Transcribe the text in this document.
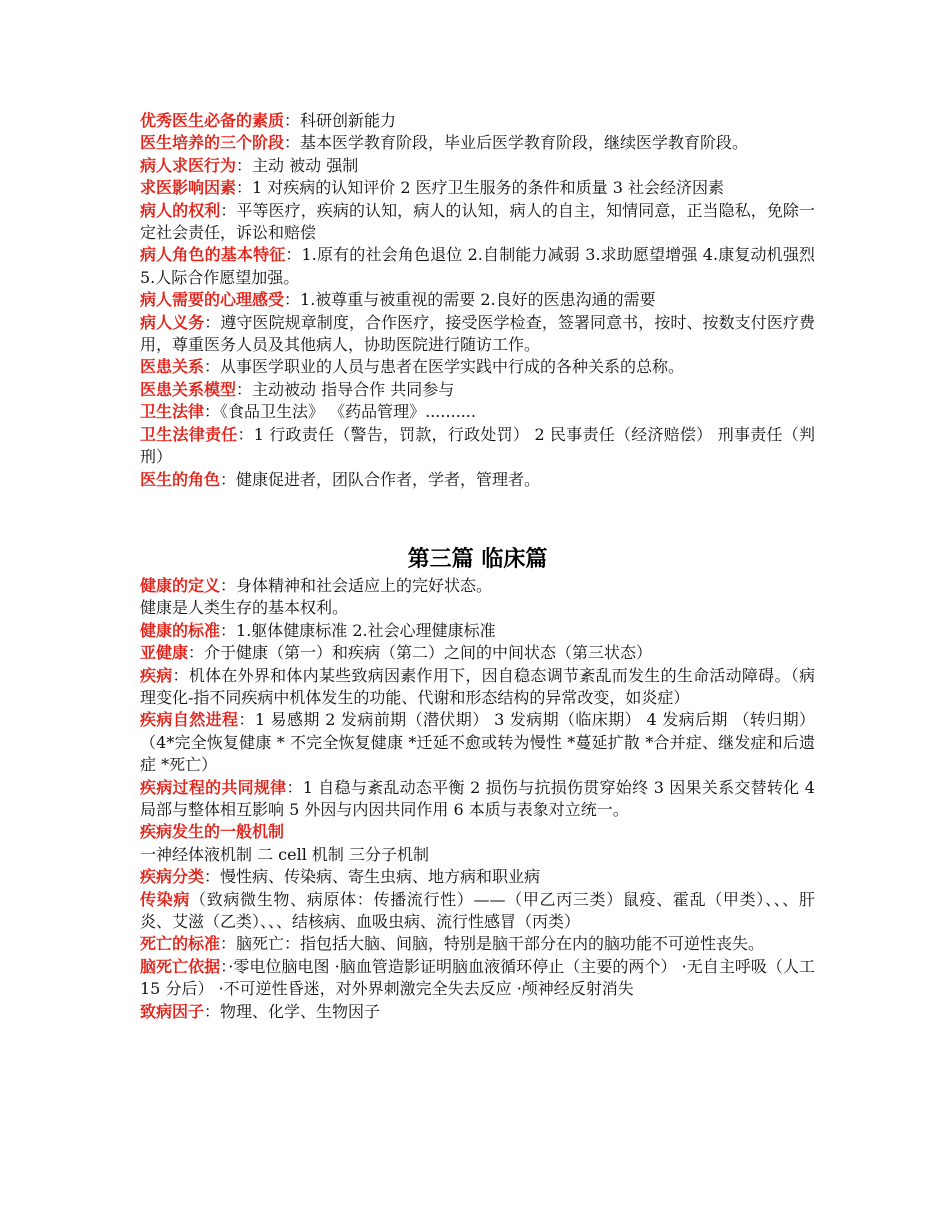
优秀医生必备的素质：科研创新能力

医生培养的三个阶段：基本医学教育阶段，毕业后医学教育阶段，继续医学教育阶段。

病人求医行为：主动 被动 强制

求医影响因素：1 对疾病的认知评价 2 医疗卫生服务的条件和质量 3 社会经济因素

病人的权利：平等医疗，疾病的认知，病人的认知，病人的自主，知情同意，正当隐私，免除一定社会责任，诉讼和赔偿

病人角色的基本特征：1.原有的社会角色退位 2.自制能力减弱 3.求助愿望增强 4.康复动机强烈 5.人际合作愿望加强。

病人需要的心理感受：1.被尊重与被重视的需要 2.良好的医患沟通的需要

病人义务：遵守医院规章制度，合作医疗，接受医学检查，签署同意书，按时、按数支付医疗费用，尊重医务人员及其他病人，协助医院进行随访工作。

医患关系：从事医学职业的人员与患者在医学实践中行成的各种关系的总称。

医患关系模型：主动被动 指导合作 共同参与

卫生法律：《食品卫生法》 《药品管理》..........

卫生法律责任：1 行政责任（警告，罚款，行政处罚） 2 民事责任（经济赔偿） 刑事责任（判刑）

医生的角色：健康促进者，团队合作者，学者，管理者。

第三篇 临床篇

健康的定义：身体精神和社会适应上的完好状态。

健康是人类生存的基本权利。

健康的标准：1.躯体健康标准 2.社会心理健康标准

亚健康：介于健康（第一）和疾病（第二）之间的中间状态（第三状态）

疾病：机体在外界和体内某些致病因素作用下，因自稳态调节紊乱而发生的生命活动障碍。（病理变化-指不同疾病中机体发生的功能、代谢和形态结构的异常改变，如炎症）

疾病自然进程：1 易感期 2 发病前期（潜伏期） 3 发病期（临床期） 4 发病后期 （转归期）（4*完全恢复健康 * 不完全恢复健康 *迁延不愈或转为慢性 *蔓延扩散 *合并症、继发症和后遗症 *死亡）

疾病过程的共同规律：1 自稳与紊乱动态平衡 2 损伤与抗损伤贯穿始终 3 因果关系交替转化 4 局部与整体相互影响 5 外因与内因共同作用 6 本质与表象对立统一。

疾病发生的一般机制

一神经体液机制 二 cell 机制 三分子机制

疾病分类：慢性病、传染病、寄生虫病、地方病和职业病

传染病（致病微生物、病原体：传播流行性）——（甲乙丙三类）鼠疫、霍乱（甲类）、、、肝炎、艾滋（乙类）、、、结核病、血吸虫病、流行性感冒（丙类）

死亡的标准：脑死亡：指包括大脑、间脑，特别是脑干部分在内的脑功能不可逆性丧失。

脑死亡依据：·零电位脑电图 ·脑血管造影证明脑血液循环停止（主要的两个） ·无自主呼吸（人工 15 分后） ·不可逆性昏迷，对外界刺激完全失去反应 ·颅神经反射消失

致病因子：物理、化学、生物因子
